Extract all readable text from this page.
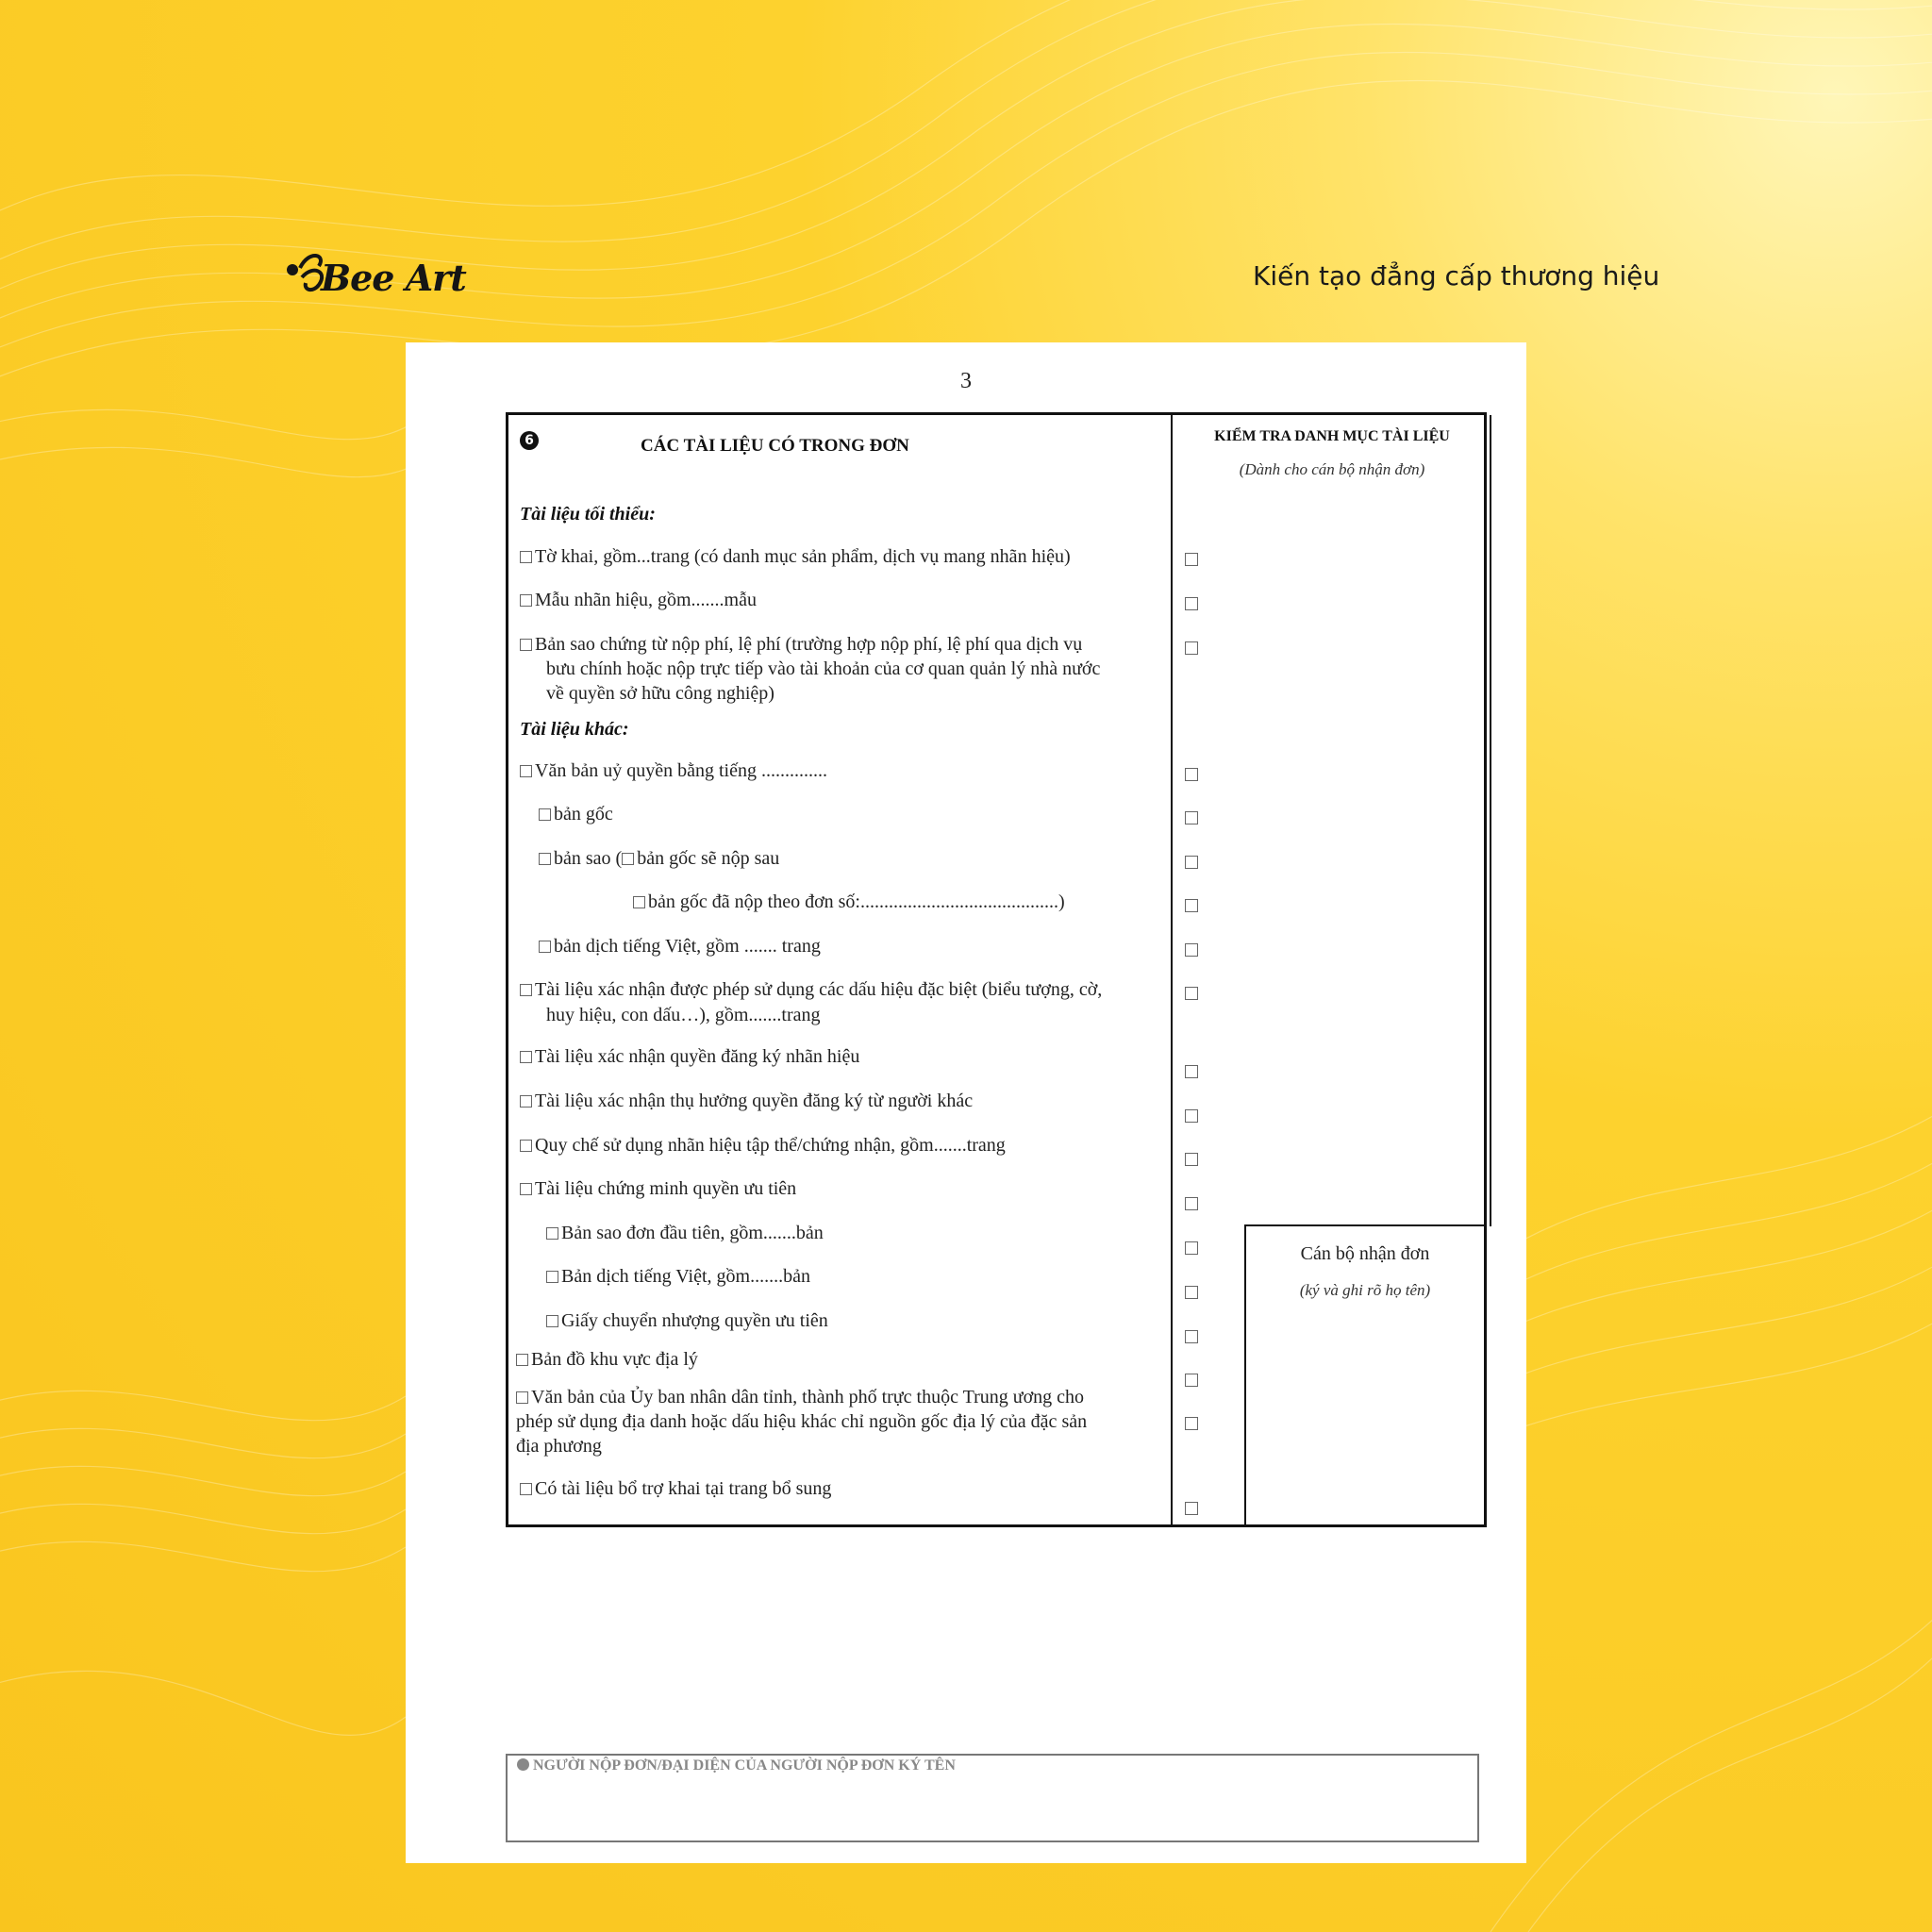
Bee Art	Kiến tạo đẳng cấp thương hiệu
3
6	CÁC TÀI LIỆU CÓ TRONG ĐƠN	KIỂM TRA DANH MỤC TÀI LIỆU
(Dành cho cán bộ nhận đơn)
Tài liệu tối thiểu:
Tờ khai, gồm...trang (có danh mục sản phẩm, dịch vụ mang nhãn hiệu)
Mẫu nhãn hiệu, gồm.......mẫu
Bản sao chứng từ nộp phí, lệ phí (trường hợp nộp phí, lệ phí qua dịch vụ
bưu chính hoặc nộp trực tiếp vào tài khoản của cơ quan quản lý nhà nước
về quyền sở hữu công nghiệp)
Tài liệu khác:
Văn bản uỷ quyền bằng tiếng ..............
bản gốc
bản sao ( bản gốc sẽ nộp sau
bản gốc đã nộp theo đơn số:..........................................)
bản dịch tiếng Việt, gồm ....... trang
Tài liệu xác nhận được phép sử dụng các dấu hiệu đặc biệt (biểu tượng, cờ,
huy hiệu, con dấu…), gồm.......trang
Tài liệu xác nhận quyền đăng ký nhãn hiệu
Tài liệu xác nhận thụ hưởng quyền đăng ký từ người khác
Quy chế sử dụng nhãn hiệu tập thể/chứng nhận, gồm.......trang
Tài liệu chứng minh quyền ưu tiên
Bản sao đơn đầu tiên, gồm.......bản
Bản dịch tiếng Việt, gồm.......bản
Giấy chuyển nhượng quyền ưu tiên
Bản đồ khu vực địa lý
Văn bản của Ủy ban nhân dân tỉnh, thành phố trực thuộc Trung ương cho
phép sử dụng địa danh hoặc dấu hiệu khác chỉ nguồn gốc địa lý của đặc sản
địa phương
Có tài liệu bổ trợ khai tại trang bổ sung
Cán bộ nhận đơn
(ký và ghi rõ họ tên)
NGƯỜI NỘP ĐƠN/ĐẠI DIỆN CỦA NGƯỜI NỘP ĐƠN KÝ TÊN
